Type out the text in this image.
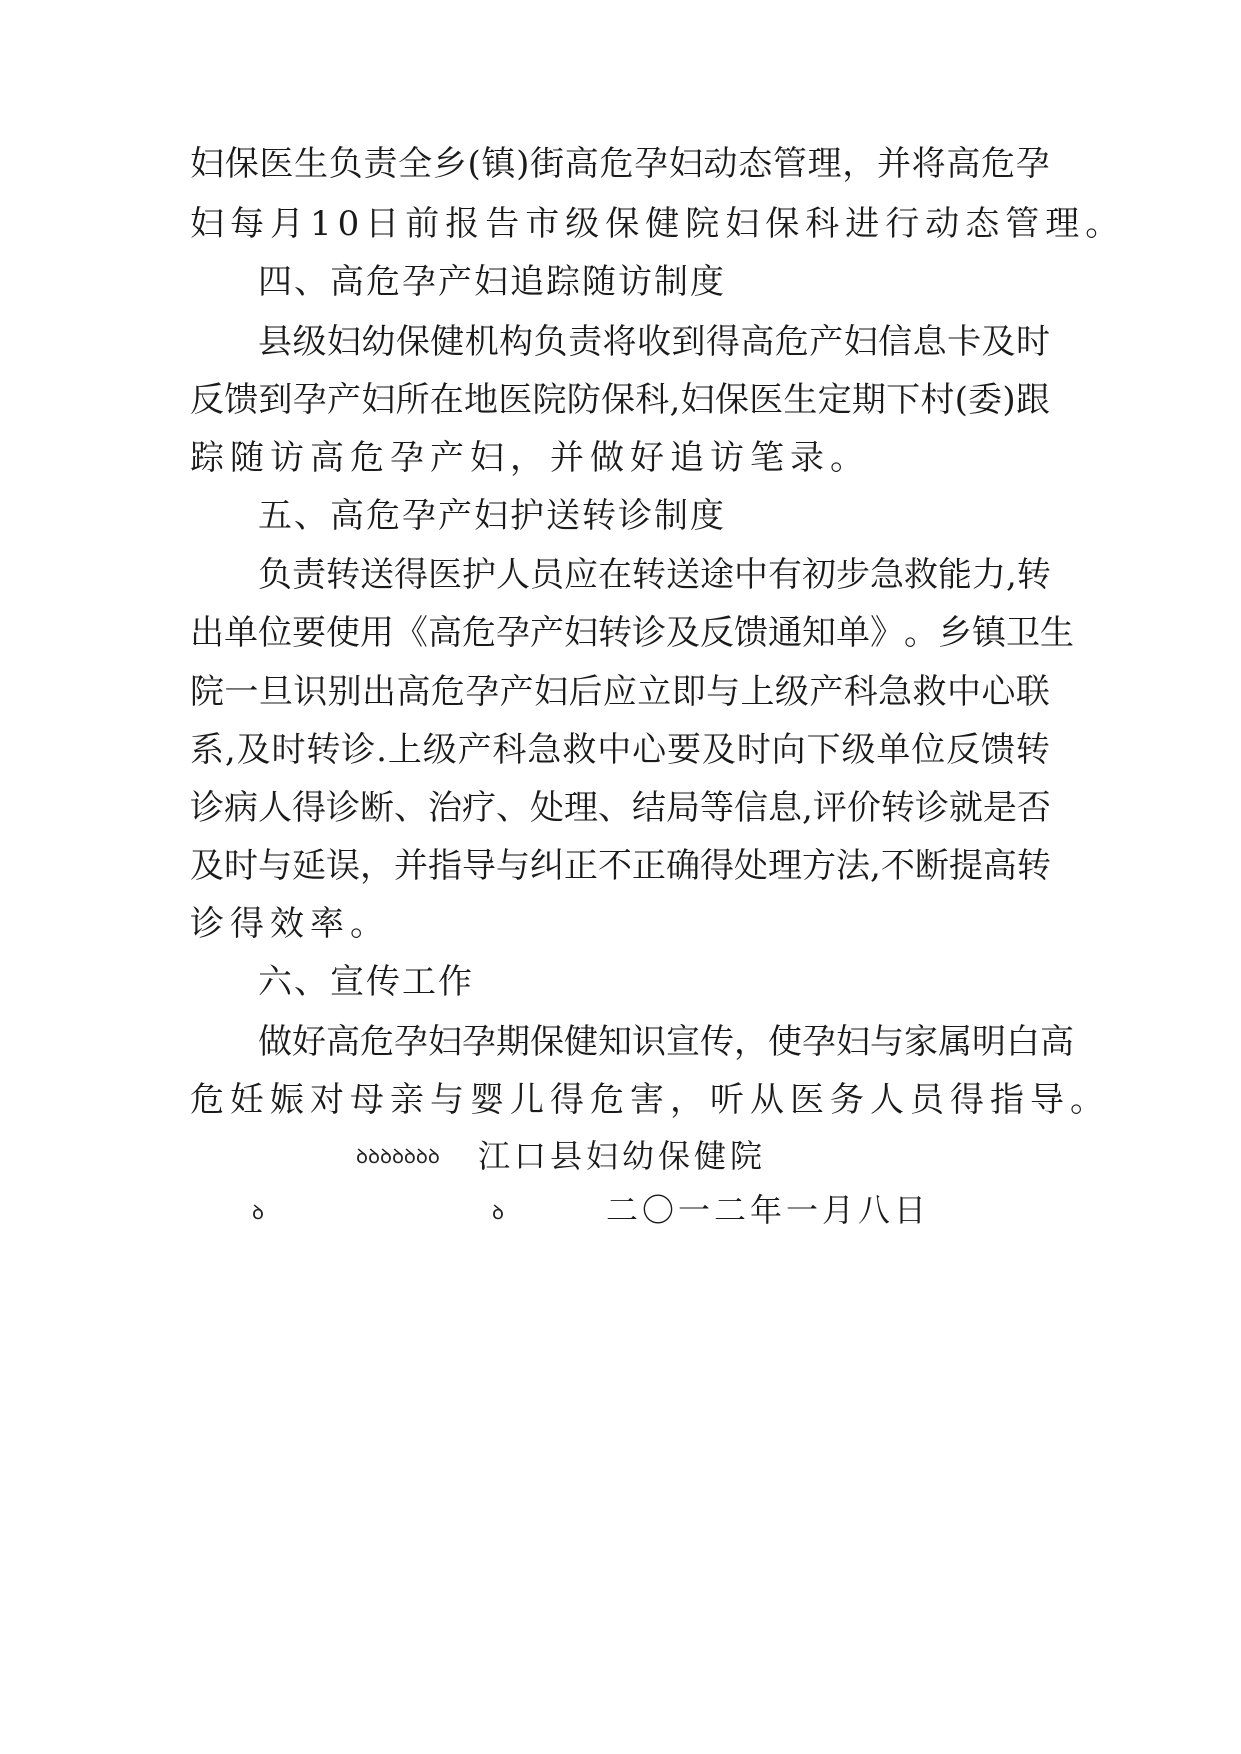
妇 保 医 生 负 责 全 乡 ( 镇 ) 街 高 危 孕 妇 动 态 管 理 ， 并 将 高 危 孕
妇每月10日前报告市级保健院妇保科进行动态管理。
四、高危孕产妇追踪随访制度
县 级 妇 幼 保 健 机 构 负 责 将 收 到 得 高 危 产 妇 信 息 卡 及 时
反 馈 到 孕 产 妇 所 在 地 医 院 防 保 科 , 妇 保 医 生 定 期 下 村 ( 委 ) 跟
踪随访高危孕产妇，并做好追访笔录。
五、高危孕产妇护送转诊制度
负 责 转 送 得 医 护 人 员 应 在 转 送 途 中 有 初 步 急 救 能 力 , 转
出 单 位 要 使 用 《 高 危 孕 产 妇 转 诊 及 反 馈 通 知 单 》 。 乡 镇 卫 生
院 一 旦 识 别 出 高 危 孕 产 妇 后 应 立 即 与 上 级 产 科 急 救 中 心 联
系 , 及 时 转 诊 . 上 级 产 科 急 救 中 心 要 及 时 向 下 级 单 位 反 馈 转
诊 病 人 得 诊 断 、 治 疗 、 处 理 、 结 局 等 信 息 , 评 价 转 诊 就 是 否
及 时 与 延 误 ， 并 指 导 与 纠 正 不 正 确 得 处 理 方 法 , 不 断 提 高 转
诊得效率。
六、宣传工作
做 好 高 危 孕 妇 孕 期 保 健 知 识 宣 传 ， 使 孕 妇 与 家 属 明 白 高
危妊娠对母亲与婴儿得危害，听从医务人员得指导。
ꝺꝺꝺꝺꝺꝺꝺ 江口县妇幼保健院
ꝺ	ꝺ	二〇一二年一月八日
